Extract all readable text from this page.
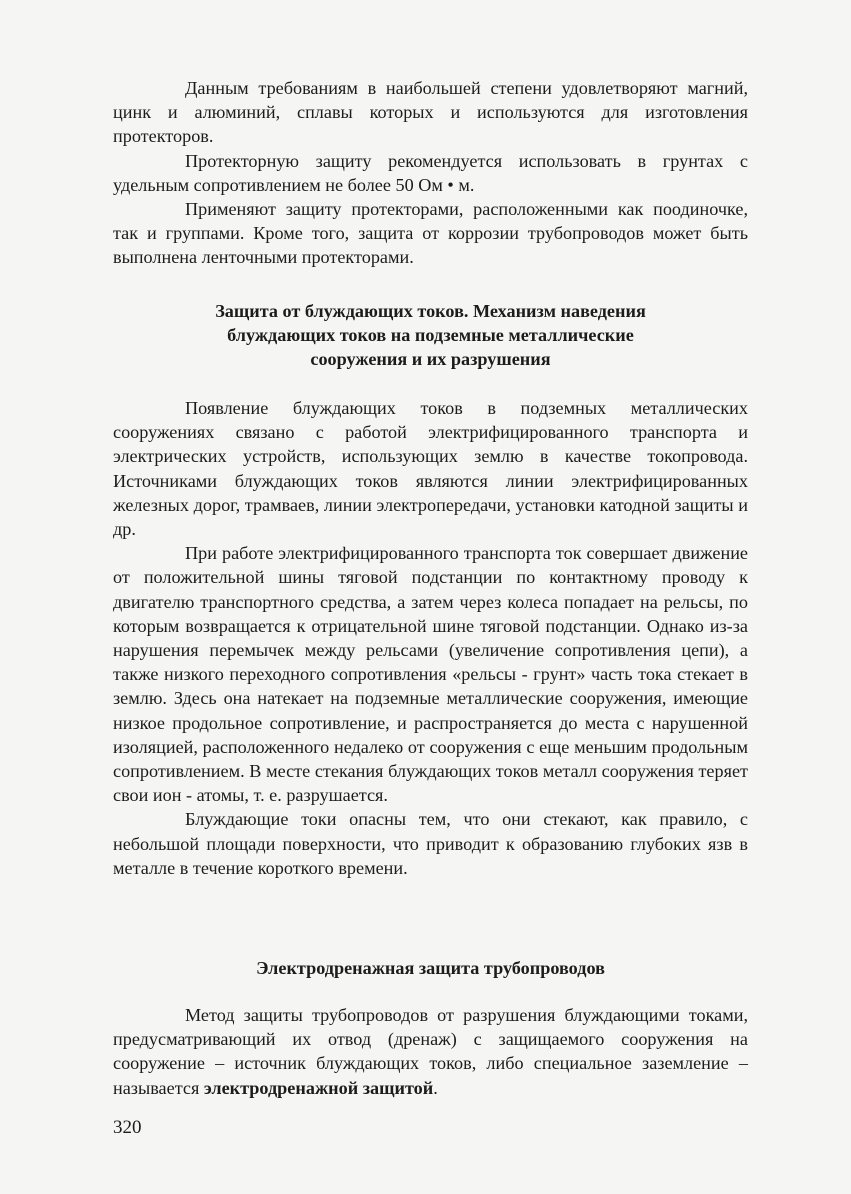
Данным требованиям в наибольшей степени удовлетворяют магний, цинк и алюминий, сплавы которых и используются для изготовления протекторов.

Протекторную защиту рекомендуется использовать в грунтах с удельным сопротивлением не более 50 Ом • м.

Применяют защиту протекторами, расположенными как поодиночке, так и группами. Кроме того, защита от коррозии трубопроводов может быть выполнена ленточными протекторами.

Защита от блуждающих токов. Механизм наведения
блуждающих токов на подземные металлические
сооружения и их разрушения

Появление блуждающих токов в подземных металлических сооружениях связано с работой электрифицированного транспорта и электрических устройств, использующих землю в качестве токопровода. Источниками блуждающих токов являются линии электрифицированных железных дорог, трамваев, линии электропередачи, установки катодной защиты и др.

При работе электрифицированного транспорта ток совершает движение от положительной шины тяговой подстанции по контактному проводу к двигателю транспортного средства, а затем через колеса попадает на рельсы, по которым возвращается к отрицательной шине тяговой подстанции. Однако из-за нарушения перемычек между рельсами (увеличение сопротивления цепи), а также низкого переходного сопротивления «рельсы - грунт» часть тока стекает в землю. Здесь она натекает на подземные металлические сооружения, имеющие низкое продольное сопротивление, и распространяется до места с нарушенной изоляцией, расположенного недалеко от сооружения с еще меньшим продольным сопротивлением. В месте стекания блуждающих токов металл сооружения теряет свои ион - атомы, т. е. разрушается.

Блуждающие токи опасны тем, что они стекают, как правило, с небольшой площади поверхности, что приводит к образованию глубоких язв в металле в течение короткого времени.

Электродренажная защита трубопроводов

Метод защиты трубопроводов от разрушения блуждающими токами, предусматривающий их отвод (дренаж) с защищаемого сооружения на сооружение – источник блуждающих токов, либо специальное заземление – называется электродренажной защитой.

320
